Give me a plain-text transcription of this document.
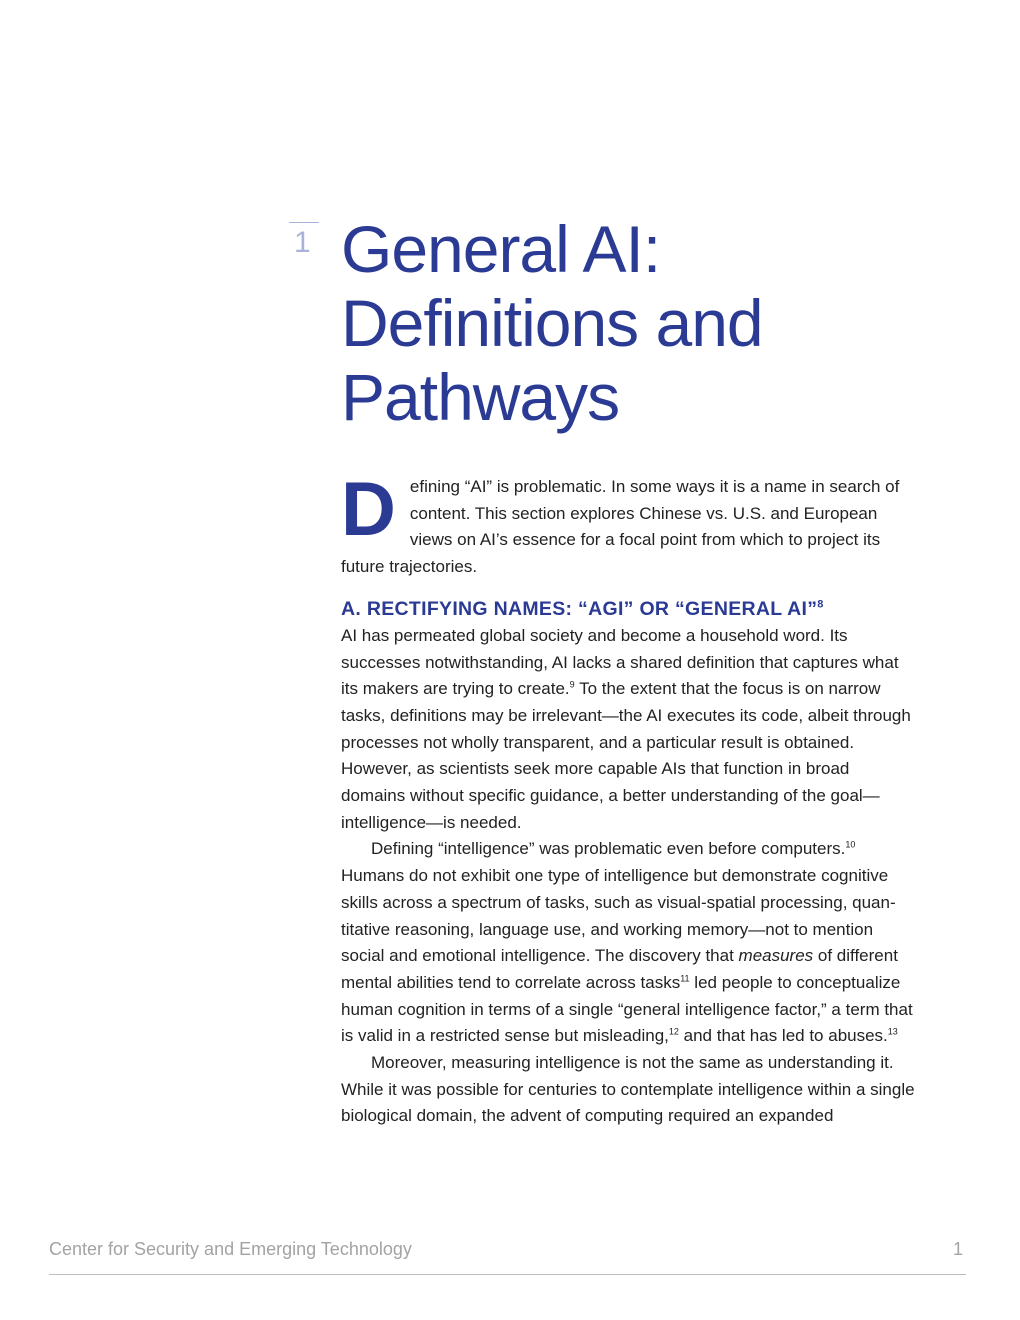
1 General AI:
Definitions and
Pathways

Defining “AI” is problematic. In some ways it is a name in search of content. This section explores Chinese vs. U.S. and European views on AI’s essence for a focal point from which to project its future trajectories.

A. RECTIFYING NAMES: “AGI” OR “GENERAL AI”$^8$

AI has permeated global society and become a household word. Its successes notwithstanding, AI lacks a shared definition that captures what its makers are trying to create.$^9$ To the extent that the focus is on narrow tasks, definitions may be irrelevant—the AI executes its code, albeit through processes not wholly transparent, and a particular result is obtained. However, as scientists seek more capable AIs that function in broad domains without specific guidance, a better understanding of the goal—intelligence—is needed.

Defining “intelligence” was problematic even before computers.$^{10}$ Humans do not exhibit one type of intelligence but demonstrate cognitive skills across a spectrum of tasks, such as visual-spatial processing, quantitative reasoning, language use, and working memory—not to mention social and emotional intelligence. The discovery that measures of different mental abilities tend to correlate across tasks$^{11}$ led people to conceptualize human cognition in terms of a single “general intelligence factor,” a term that is valid in a restricted sense but misleading,$^{12}$ and that has led to abuses.$^{13}$

Moreover, measuring intelligence is not the same as understanding it. While it was possible for centuries to contemplate intelligence within a single biological domain, the advent of computing required an expanded

Center for Security and Emerging Technology	1
